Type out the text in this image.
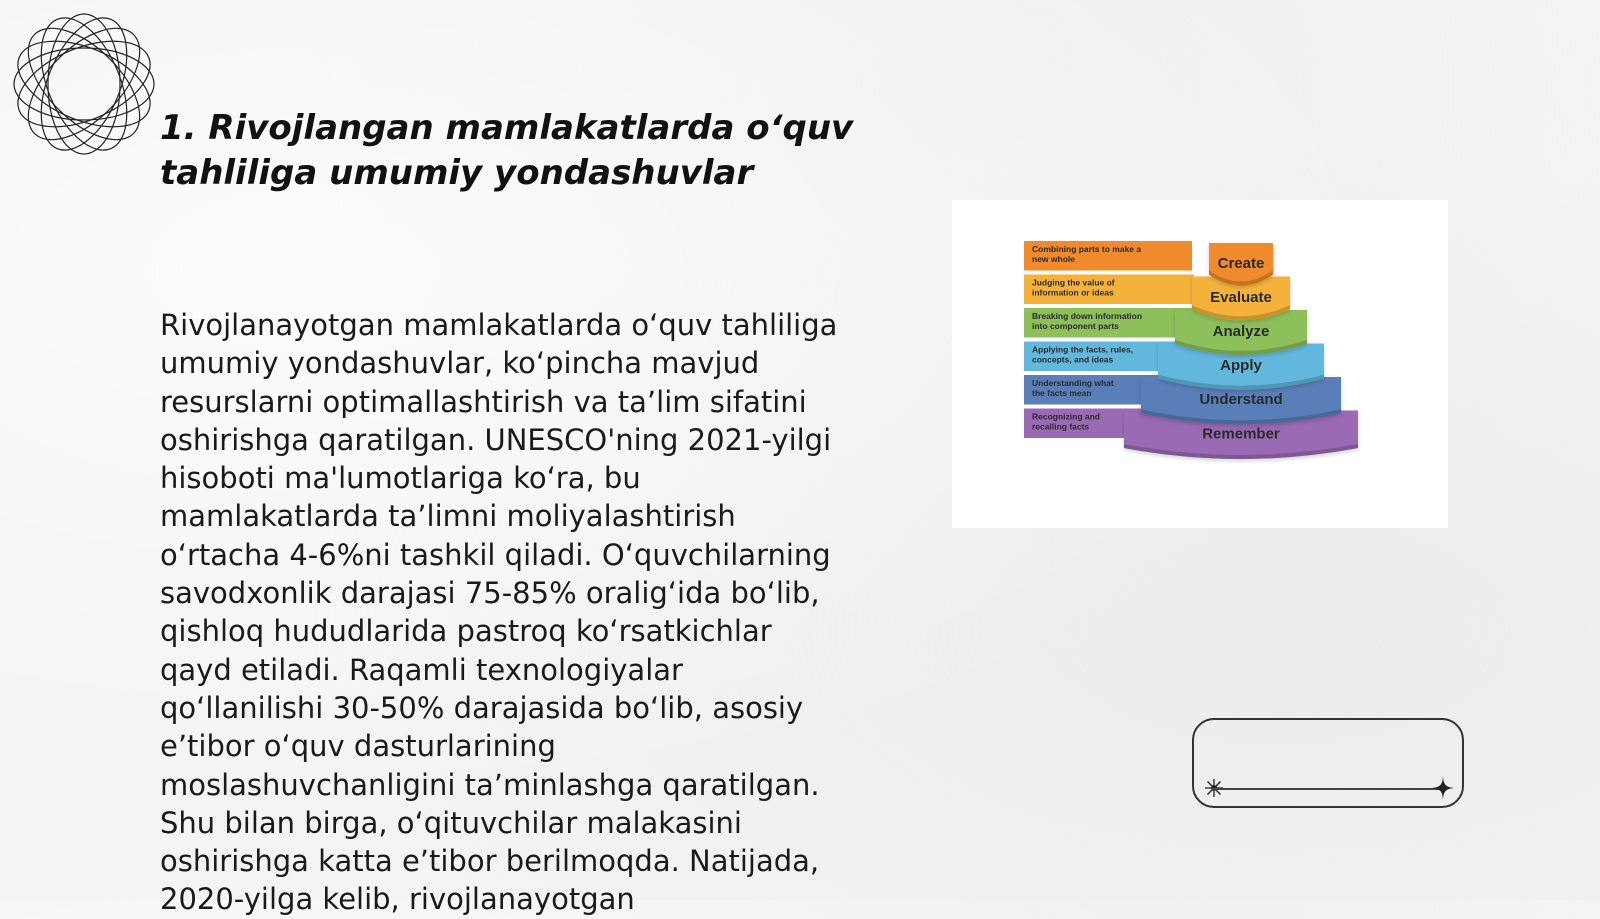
1. Rivojlangan mamlakatlarda o‘quv tahliliga umumiy yondashuvlar

Rivojlanayotgan mamlakatlarda o‘quv tahliliga umumiy yondashuvlar, ko‘pincha mavjud resurslarni optimallashtirish va ta’lim sifatini oshirishga qaratilgan. UNESCO'ning 2021-yilgi hisoboti ma'lumotlariga ko‘ra, bu mamlakatlarda ta’limni moliyalashtirish o‘rtacha 4-6%ni tashkil qiladi. O‘quvchilarning savodxonlik darajasi 75-85% oralig‘ida bo‘lib, qishloq hududlarida pastroq ko‘rsatkichlar qayd etiladi. Raqamli texnologiyalar qo‘llanilishi 30-50% darajasida bo‘lib, asosiy e’tibor o‘quv dasturlarining moslashuvchanligini ta’minlashga qaratilgan. Shu bilan birga, o‘qituvchilar malakasini oshirishga katta e’tibor berilmoqda. Natijada, 2020-yilga kelib, rivojlanayotgan

Remember
Recognizing and
recalling facts
Understand
Understanding what
the facts mean
Apply
Applying the facts, rules,
concepts, and ideas
Analyze
Breaking down information
into component parts
Evaluate
Judging the value of
information or ideas
Create
Combining parts to make a
new whole
